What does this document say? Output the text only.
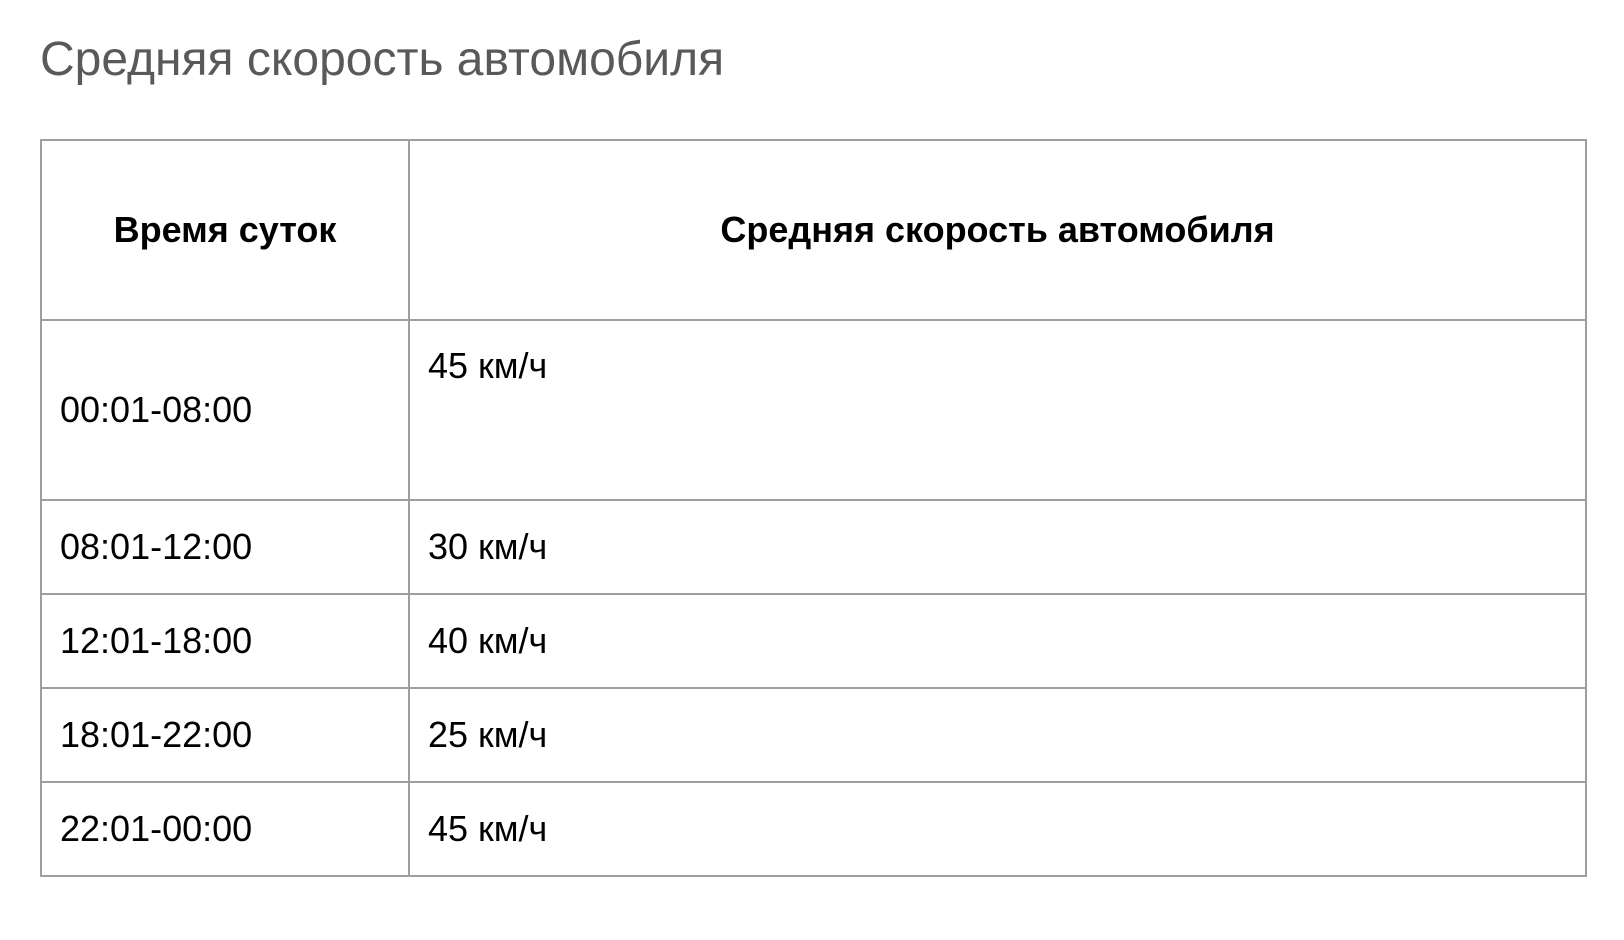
Средняя скорость автомобиля
Время суток	Средняя скорость автомобиля
00:01-08:00	45 км/ч
08:01-12:00	30 км/ч
12:01-18:00	40 км/ч
18:01-22:00	25 км/ч
22:01-00:00	45 км/ч
